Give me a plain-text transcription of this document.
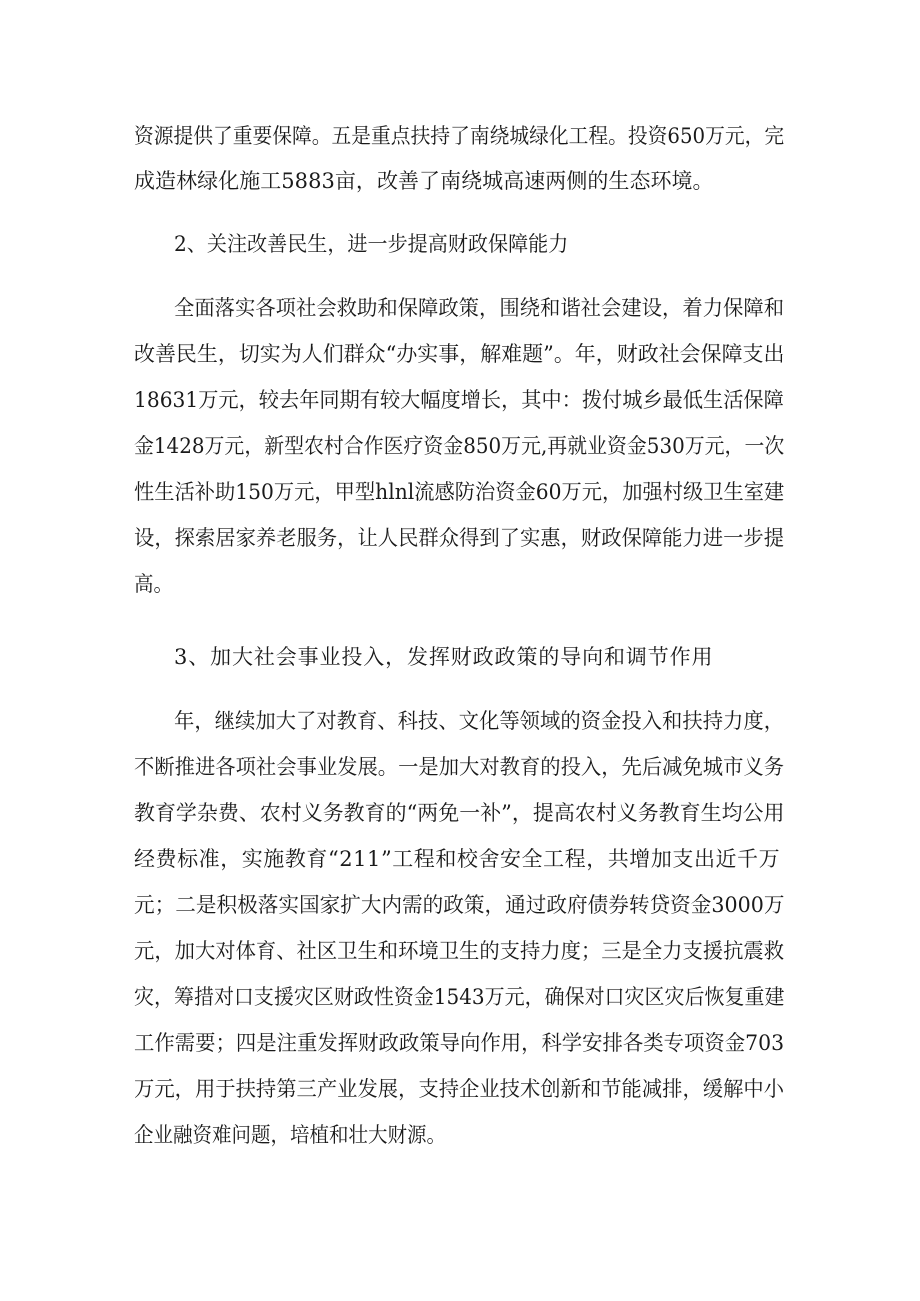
资源提供了重要保障。五是重点扶持了南绕城绿化工程。投资650万元，完
成造林绿化施工5883亩，改善了南绕城高速两侧的生态环境。
2、关注改善民生，进一步提高财政保障能力
全面落实各项社会救助和保障政策，围绕和谐社会建设，着力保障和
改善民生，切实为人们群众“办实事，解难题”。年，财政社会保障支出
18631万元，较去年同期有较大幅度增长，其中：拨付城乡最低生活保障
金1428万元，新型农村合作医疗资金850万元,再就业资金530万元，一次
性生活补助150万元，甲型hlnl流感防治资金60万元，加强村级卫生室建
设，探索居家养老服务，让人民群众得到了实惠，财政保障能力进一步提
高。
3、加大社会事业投入，发挥财政政策的导向和调节作用
年，继续加大了对教育、科技、文化等领域的资金投入和扶持力度，
不断推进各项社会事业发展。一是加大对教育的投入，先后减免城市义务
教育学杂费、农村义务教育的“两免一补”，提高农村义务教育生均公用
经费标准，实施教育“211”工程和校舍安全工程，共增加支出近千万
元；二是积极落实国家扩大内需的政策，通过政府债券转贷资金3000万
元，加大对体育、社区卫生和环境卫生的支持力度；三是全力支援抗震救
灾，筹措对口支援灾区财政性资金1543万元，确保对口灾区灾后恢复重建
工作需要；四是注重发挥财政政策导向作用，科学安排各类专项资金703
万元，用于扶持第三产业发展，支持企业技术创新和节能减排，缓解中小
企业融资难问题，培植和壮大财源。
